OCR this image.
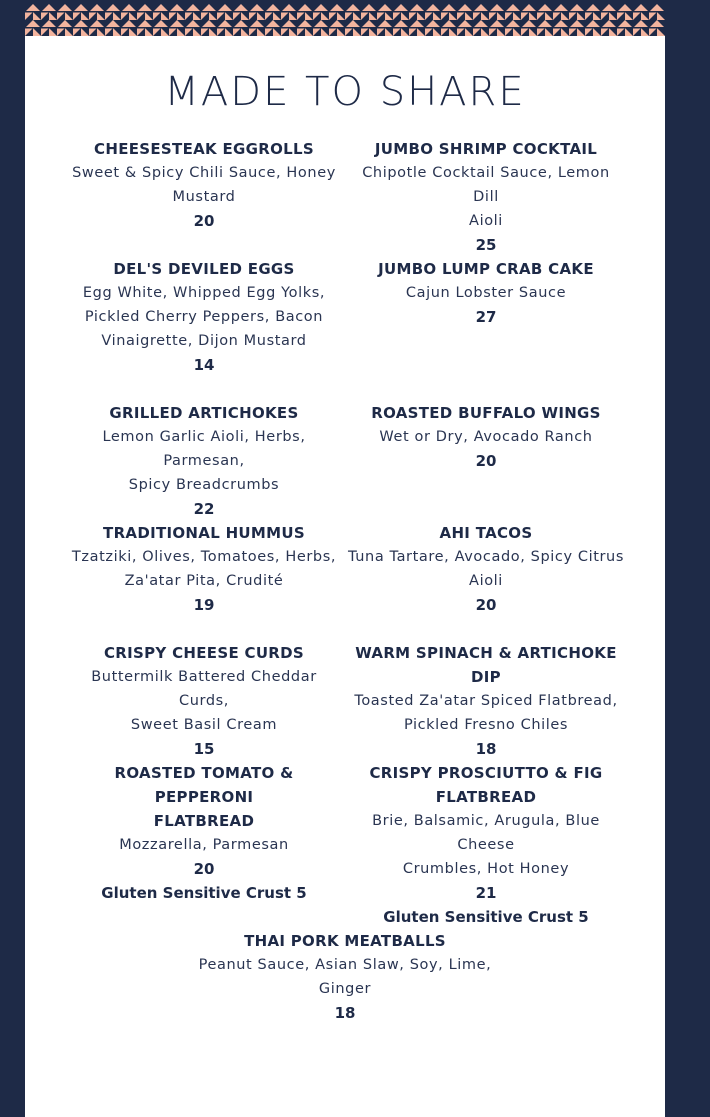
MADE TO SHARE
CHEESESTEAK EGGROLLS
Sweet & Spicy Chili Sauce, Honey
Mustard
20
JUMBO SHRIMP COCKTAIL
Chipotle Cocktail Sauce, Lemon Dill
Aioli
25
DEL'S DEVILED EGGS
Egg White, Whipped Egg Yolks,
Pickled Cherry Peppers, Bacon
Vinaigrette, Dijon Mustard
14
JUMBO LUMP CRAB CAKE
Cajun Lobster Sauce
27
GRILLED ARTICHOKES
Lemon Garlic Aioli, Herbs, Parmesan,
Spicy Breadcrumbs
22
ROASTED BUFFALO WINGS
Wet or Dry, Avocado Ranch
20
TRADITIONAL HUMMUS
Tzatziki, Olives, Tomatoes, Herbs,
Za'atar Pita, Crudité
19
AHI TACOS
Tuna Tartare, Avocado, Spicy Citrus
Aioli
20
CRISPY CHEESE CURDS
Buttermilk Battered Cheddar Curds,
Sweet Basil Cream
15
WARM SPINACH & ARTICHOKE DIP
Toasted Za'atar Spiced Flatbread,
Pickled Fresno Chiles
18
ROASTED TOMATO & PEPPERONI
FLATBREAD
Mozzarella, Parmesan
20
Gluten Sensitive Crust 5
CRISPY PROSCIUTTO & FIG
FLATBREAD
Brie, Balsamic, Arugula, Blue Cheese
Crumbles, Hot Honey
21
Gluten Sensitive Crust 5
THAI PORK MEATBALLS
Peanut Sauce, Asian Slaw, Soy, Lime,
Ginger
18
